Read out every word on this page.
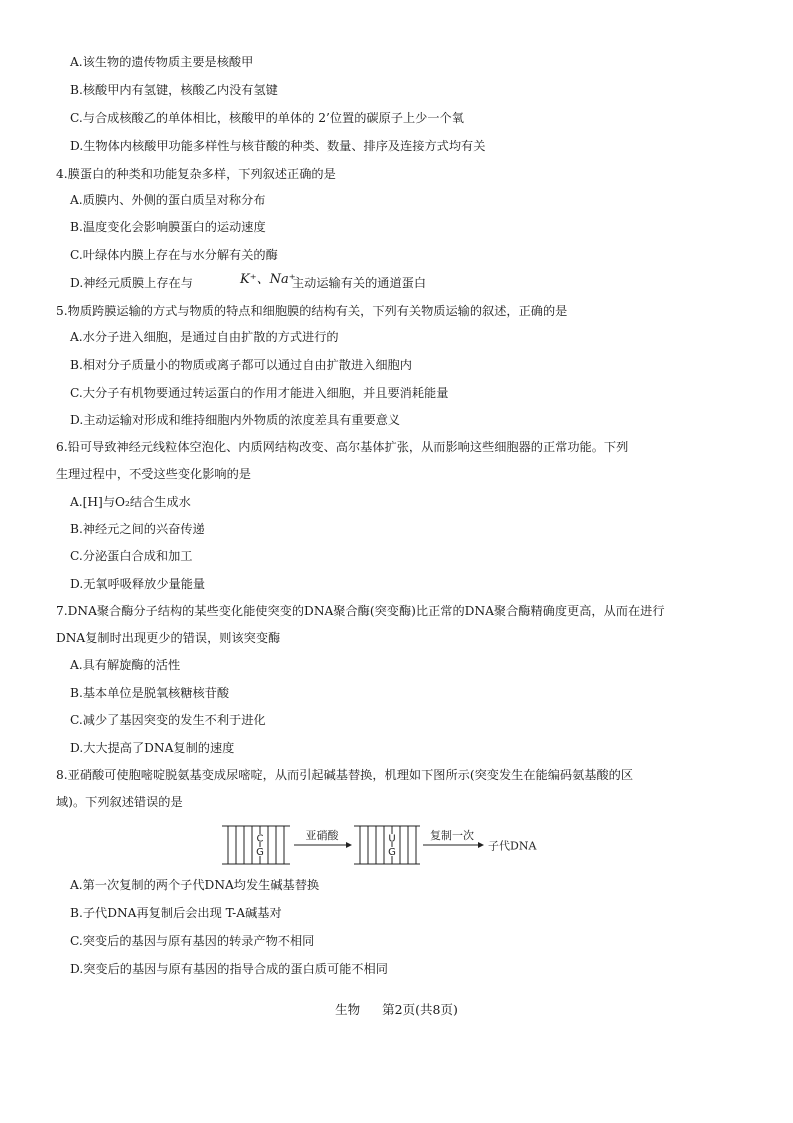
A.该生物的遗传物质主要是核酸甲
B.核酸甲内有氢键，核酸乙内没有氢键
C.与合成核酸乙的单体相比，核酸甲的单体的 2’位置的碳原子上少一个氧
D.生物体内核酸甲功能多样性与核苷酸的种类、数量、排序及连接方式均有关
4.膜蛋白的种类和功能复杂多样，下列叙述正确的是
A.质膜内、外侧的蛋白质呈对称分布
B.温度变化会影响膜蛋白的运动速度
C.叶绿体内膜上存在与水分解有关的酶
D.神经元质膜上存在与	K⁺、Na⁺
主动运输有关的通道蛋白
5.物质跨膜运输的方式与物质的特点和细胞膜的结构有关，下列有关物质运输的叙述，正确的是
A.水分子进入细胞，是通过自由扩散的方式进行的
B.相对分子质量小的物质或离子都可以通过自由扩散进入细胞内
C.大分子有机物要通过转运蛋白的作用才能进入细胞，并且要消耗能量
D.主动运输对形成和维持细胞内外物质的浓度差具有重要意义
6.铅可导致神经元线粒体空泡化、内质网结构改变、高尔基体扩张，从而影响这些细胞器的正常功能。下列
生理过程中，不受这些变化影响的是
A.[H]与O₂结合生成水
B.神经元之间的兴奋传递
C.分泌蛋白合成和加工
D.无氧呼吸释放少量能量
7.DNA聚合酶分子结构的某些变化能使突变的DNA聚合酶(突变酶)比正常的DNA聚合酶精确度更高，从而在进行
DNA复制时出现更少的错误，则该突变酶
A.具有解旋酶的活性
B.基本单位是脱氧核糖核苷酸
C.减少了基因突变的发生不利于进化
D.大大提高了DNA复制的速度
8.亚硝酸可使胞嘧啶脱氨基变成尿嘧啶，从而引起碱基替换，机理如下图所示(突变发生在能编码氨基酸的区
域)。下列叙述错误的是
C
G
亚硝酸	U
G
复制一次
子代DNA
A.第一次复制的两个子代DNA均发生碱基替换
B.子代DNA再复制后会出现 T-A碱基对
C.突变后的基因与原有基因的转录产物不相同
D.突变后的基因与原有基因的指导合成的蛋白质可能不相同
生物 第2页(共8页)
